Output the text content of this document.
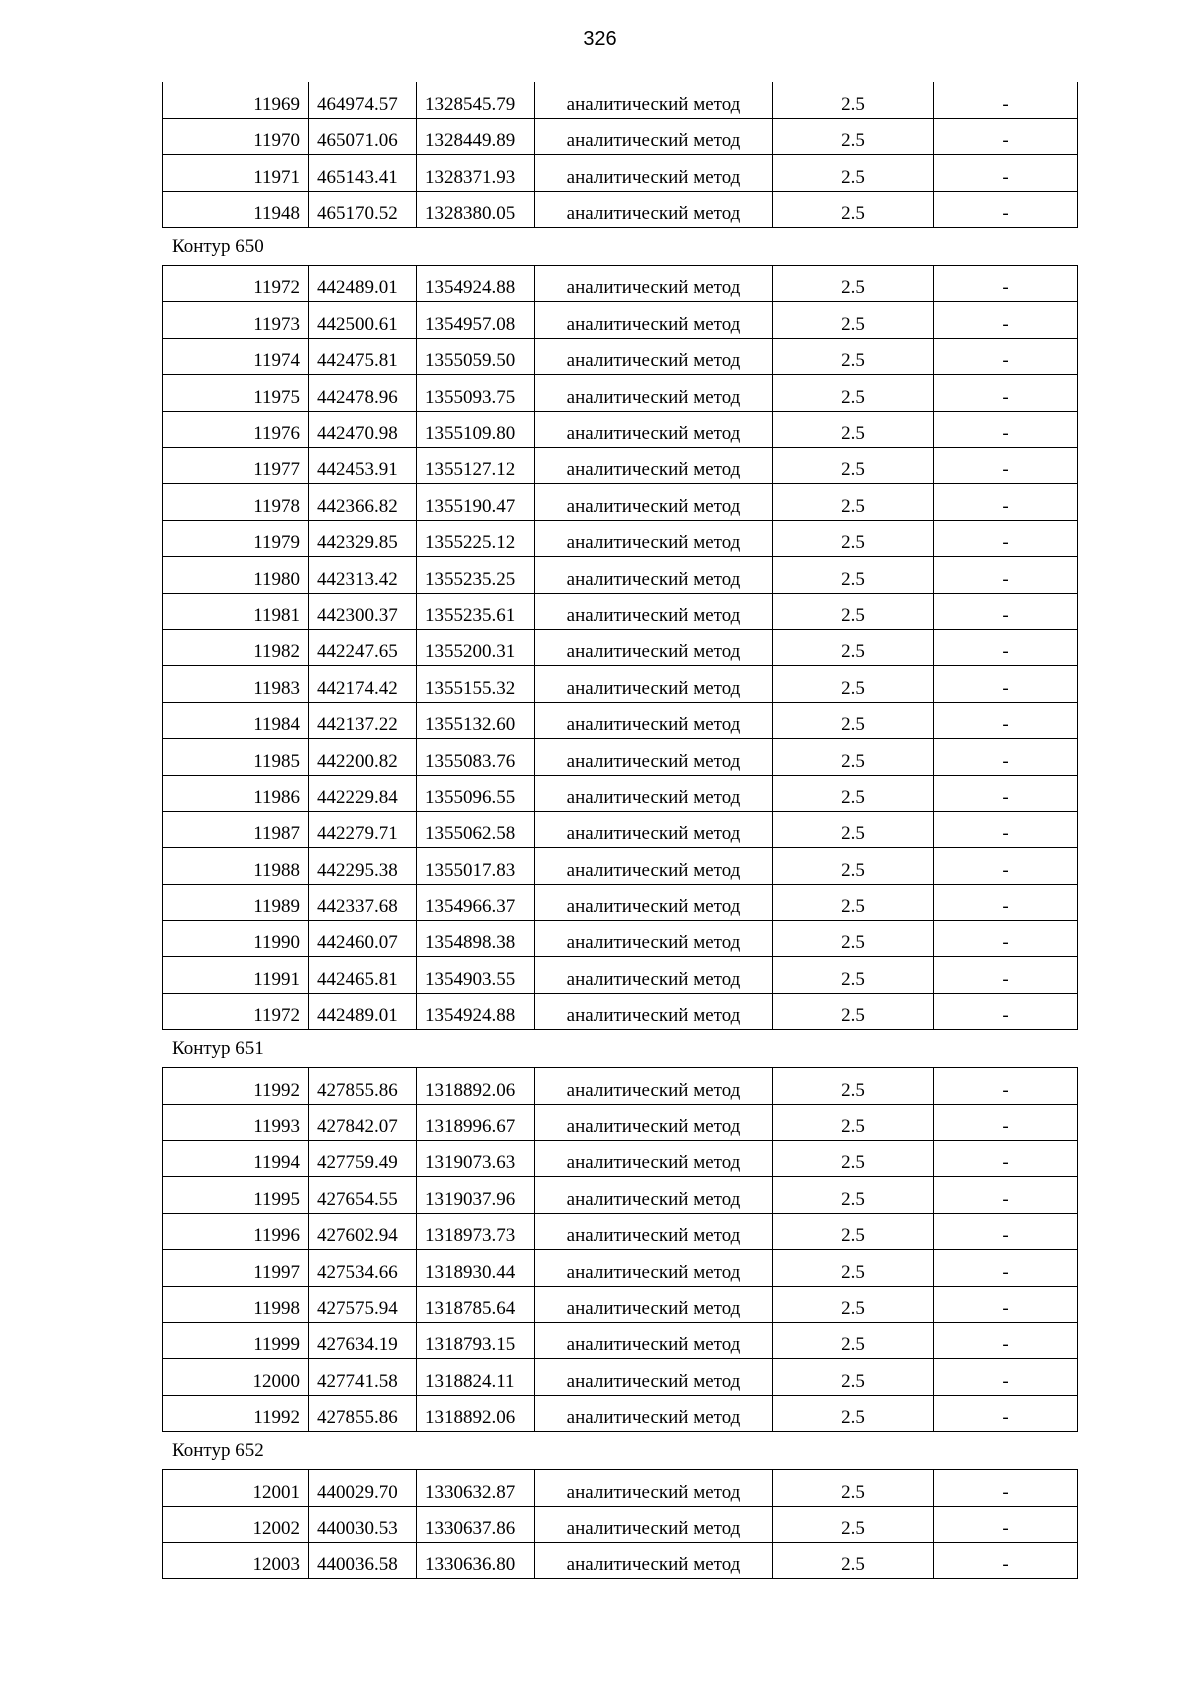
326
11969	464974.57	1328545.79	аналитический метод	2.5	-
11970	465071.06	1328449.89	аналитический метод	2.5	-
11971	465143.41	1328371.93	аналитический метод	2.5	-
11948	465170.52	1328380.05	аналитический метод	2.5	-
Контур 650
11972	442489.01	1354924.88	аналитический метод	2.5	-
11973	442500.61	1354957.08	аналитический метод	2.5	-
11974	442475.81	1355059.50	аналитический метод	2.5	-
11975	442478.96	1355093.75	аналитический метод	2.5	-
11976	442470.98	1355109.80	аналитический метод	2.5	-
11977	442453.91	1355127.12	аналитический метод	2.5	-
11978	442366.82	1355190.47	аналитический метод	2.5	-
11979	442329.85	1355225.12	аналитический метод	2.5	-
11980	442313.42	1355235.25	аналитический метод	2.5	-
11981	442300.37	1355235.61	аналитический метод	2.5	-
11982	442247.65	1355200.31	аналитический метод	2.5	-
11983	442174.42	1355155.32	аналитический метод	2.5	-
11984	442137.22	1355132.60	аналитический метод	2.5	-
11985	442200.82	1355083.76	аналитический метод	2.5	-
11986	442229.84	1355096.55	аналитический метод	2.5	-
11987	442279.71	1355062.58	аналитический метод	2.5	-
11988	442295.38	1355017.83	аналитический метод	2.5	-
11989	442337.68	1354966.37	аналитический метод	2.5	-
11990	442460.07	1354898.38	аналитический метод	2.5	-
11991	442465.81	1354903.55	аналитический метод	2.5	-
11972	442489.01	1354924.88	аналитический метод	2.5	-
Контур 651
11992	427855.86	1318892.06	аналитический метод	2.5	-
11993	427842.07	1318996.67	аналитический метод	2.5	-
11994	427759.49	1319073.63	аналитический метод	2.5	-
11995	427654.55	1319037.96	аналитический метод	2.5	-
11996	427602.94	1318973.73	аналитический метод	2.5	-
11997	427534.66	1318930.44	аналитический метод	2.5	-
11998	427575.94	1318785.64	аналитический метод	2.5	-
11999	427634.19	1318793.15	аналитический метод	2.5	-
12000	427741.58	1318824.11	аналитический метод	2.5	-
11992	427855.86	1318892.06	аналитический метод	2.5	-
Контур 652
12001	440029.70	1330632.87	аналитический метод	2.5	-
12002	440030.53	1330637.86	аналитический метод	2.5	-
12003	440036.58	1330636.80	аналитический метод	2.5	-
